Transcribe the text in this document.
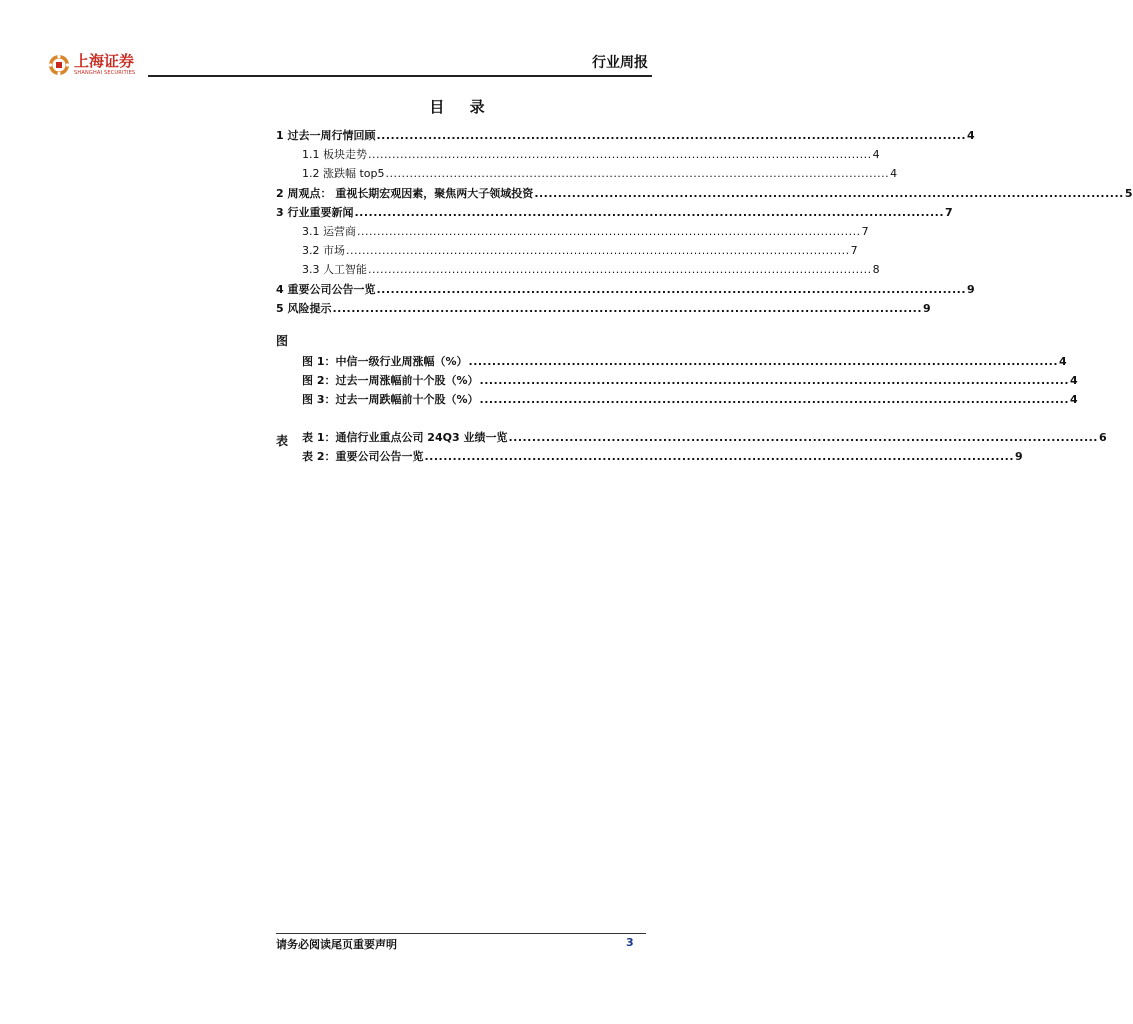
上海证券
SHANGHAI SECURITIES
行业周报
目 录
1 过去一周行情回顾 .............................................................................................................................. 4
1.1 板块走势 .............................................................................................................................. 4
1.2 涨跌幅 top5 .............................................................................................................................. 4
2 周观点： 重视长期宏观因素，聚焦两大子领域投资 .............................................................................................................................. 5
3 行业重要新闻 .............................................................................................................................. 7
3.1 运营商 .............................................................................................................................. 7
3.2 市场 .............................................................................................................................. 7
3.3 人工智能 .............................................................................................................................. 8
4 重要公司公告一览 .............................................................................................................................. 9
5 风险提示 .............................................................................................................................. 9
图
图 1：中信一级行业周涨幅（%） .............................................................................................................................. 4
图 2：过去一周涨幅前十个股（%） .............................................................................................................................. 4
图 3：过去一周跌幅前十个股（%） .............................................................................................................................. 4
表 表 1：通信行业重点公司 24Q3 业绩一览 .............................................................................................................................. 6
表 2：重要公司公告一览 .............................................................................................................................. 9
请务必阅读尾页重要声明	3
